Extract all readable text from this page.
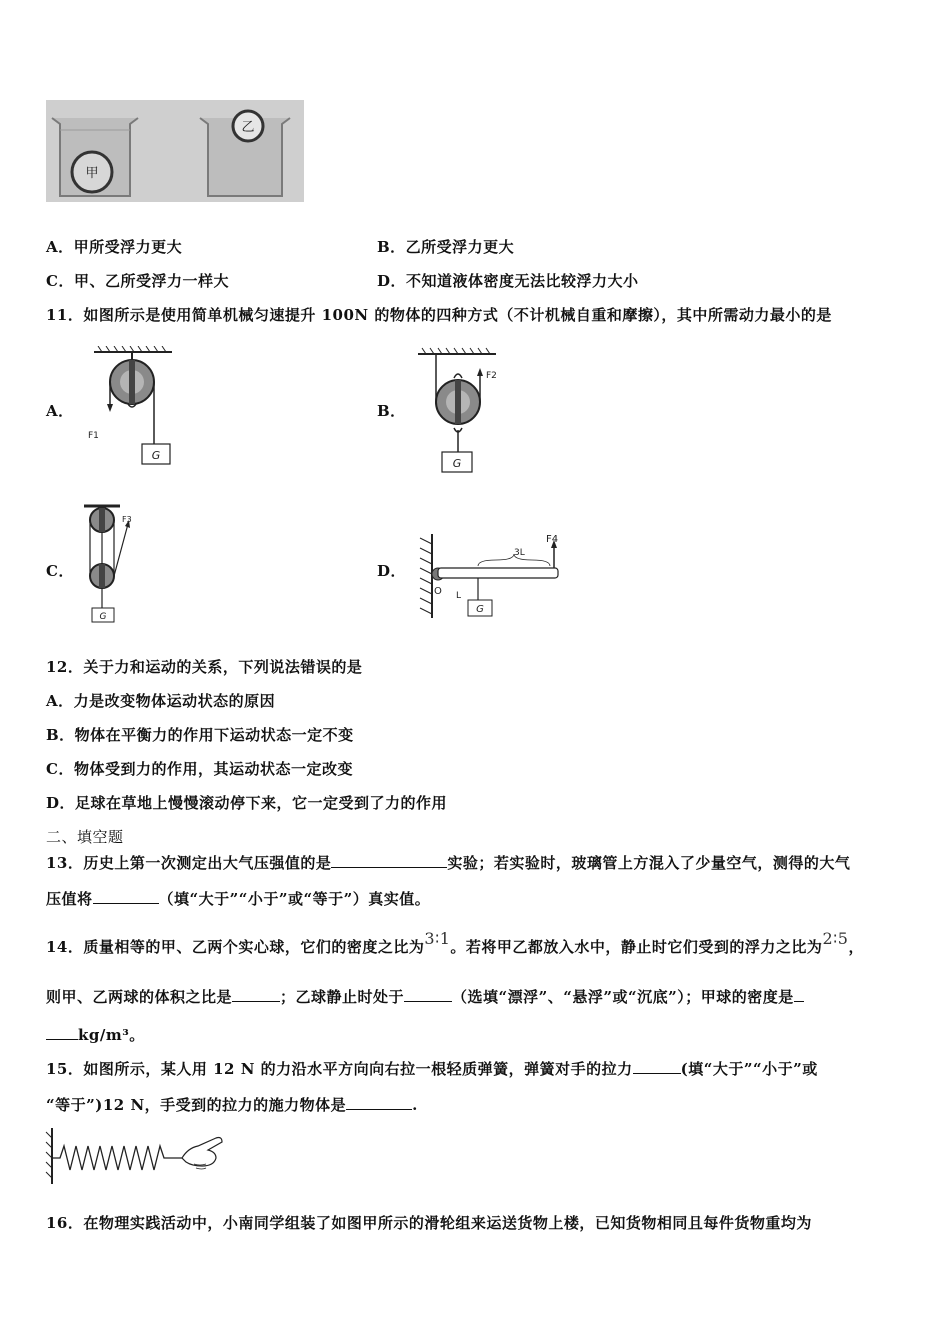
甲
乙
A．甲所受浮力更大	B．乙所受浮力更大
C．甲、乙所受浮力一样大	D．不知道液体密度无法比较浮力大小
11．如图所示是使用简单机械匀速提升 100N 的物体的四种方式（不计机械自重和摩擦），其中所需动力最小的是
A．
F1
G
B．
F2
G
C．
F3
G
D．
F4
3L
L
O
G
12．关于力和运动的关系，下列说法错误的是
A．力是改变物体运动状态的原因
B．物体在平衡力的作用下运动状态一定不变
C．物体受到力的作用，其运动状态一定改变
D．足球在草地上慢慢滚动停下来，它一定受到了力的作用
二、填空题
13．历史上第一次测定出大气压强值的是	实验；若实验时，玻璃管上方混入了少量空气，测得的大气
压值将	（填“大于”“小于”或“等于”）真实值。
14．质量相等的甲、乙两个实心球，它们的密度之比为3∶1。若将甲乙都放入水中，静止时它们受到的浮力之比为2∶5，
则甲、乙两球的体积之比是	；乙球静止时处于	（选填“漂浮”、“悬浮”或“沉底”）；甲球的密度是
kg/m³。
15．如图所示，某人用 12 N 的力沿水平方向向右拉一根轻质弹簧，弹簧对手的拉力	(填“大于”“小于”或
“等于”)12 N，手受到的拉力的施力物体是	.
16．在物理实践活动中，小南同学组装了如图甲所示的滑轮组来运送货物上楼，已知货物相同且每件货物重均为
